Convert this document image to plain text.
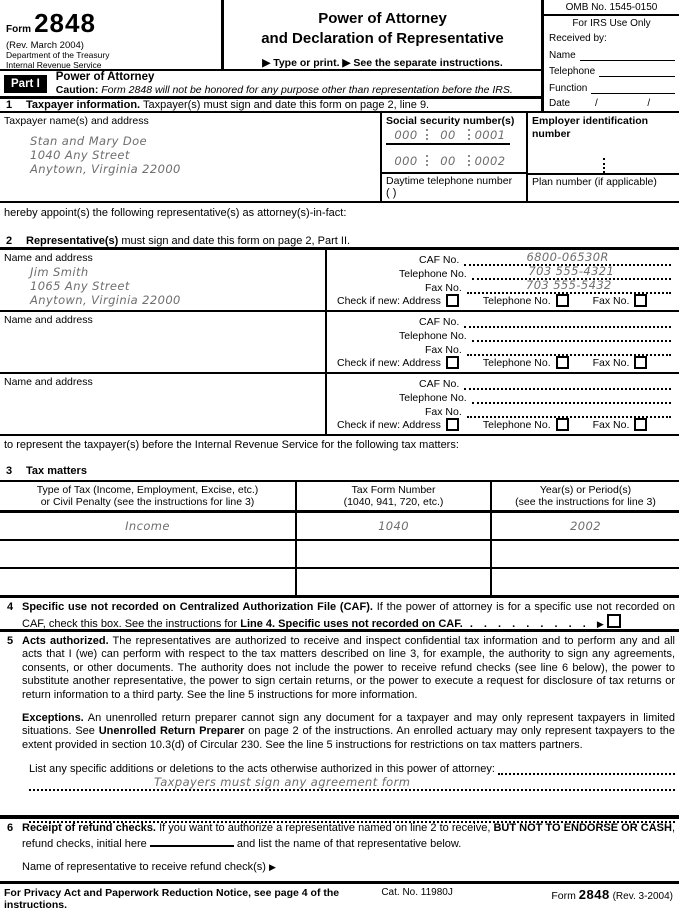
Form 2848
(Rev. March 2004)
Department of the Treasury
Internal Revenue Service
Power of Attorney
and Declaration of Representative
▶ Type or print. ▶ See the separate instructions.
Part I
Power of Attorney
Caution: Form 2848 will not be honored for any purpose other than representation before the IRS.
1	Taxpayer information. Taxpayer(s) must sign and date this form on page 2, line 9.
OMB No. 1545-0150
For IRS Use Only
Received by:
Name
Telephone
Function
Date	/	/
Taxpayer name(s) and address
Stan and Mary Doe
1040 Any Street
Anytown, Virginia 22000
Social security number(s)
000	00	0001
000	00	0002
Daytime telephone number
( )
Employer identification
number
Plan number (if applicable)
hereby appoint(s) the following representative(s) as attorney(s)-in-fact:
2	Representative(s) must sign and date this form on page 2, Part II.
Name and address
Jim Smith
1065 Any Street
Anytown, Virginia 22000
CAF No.	6800-06530R
Telephone No.	703 555-4321
Fax No.	703 555-5432
Check if new: Address	Telephone No.	Fax No.
Name and address	CAF No.
Telephone No.
Fax No.
Check if new: Address	Telephone No.	Fax No.
Name and address	CAF No.
Telephone No.
Fax No.
Check if new: Address	Telephone No.	Fax No.
to represent the taxpayer(s) before the Internal Revenue Service for the following tax matters:
3	Tax matters
Type of Tax (Income, Employment, Excise, etc.)
or Civil Penalty (see the instructions for line 3)
Tax Form Number
(1040, 941, 720, etc.)
Year(s) or Period(s)
(see the instructions for line 3)
Income	1040	2002
4 Specific use not recorded on Centralized Authorization File (CAF). If the power of attorney is for a specific use not recorded on CAF, check this box. See the instructions for Line 4. Specific uses not recorded on CAF. . . . . . . . . . ▶
5 Acts authorized. The representatives are authorized to receive and inspect confidential tax information and to perform any and all acts that I (we) can perform with respect to the tax matters described on line 3, for example, the authority to sign any agreements, consents, or other documents. The authority does not include the power to receive refund checks (see line 6 below), the power to substitute another representative, the power to sign certain returns, or the power to execute a request for disclosure of tax returns or return information to a third party. See the line 5 instructions for more information.
Exceptions. An unenrolled return preparer cannot sign any document for a taxpayer and may only represent taxpayers in limited situations. See Unenrolled Return Preparer on page 2 of the instructions. An enrolled actuary may only represent taxpayers to the extent provided in section 10.3(d) of Circular 230. See the line 5 instructions for restrictions on tax matters partners.
List any specific additions or deletions to the acts otherwise authorized in this power of attorney:
Taxpayers must sign any agreement form
6 Receipt of refund checks. If you want to authorize a representative named on line 2 to receive, BUT NOT TO ENDORSE OR CASH, refund checks, initial here	and list the name of that representative below.
Name of representative to receive refund check(s) ▶
For Privacy Act and Paperwork Reduction Notice, see page 4 of the instructions.
Cat. No. 11980J	Form 2848 (Rev. 3-2004)
